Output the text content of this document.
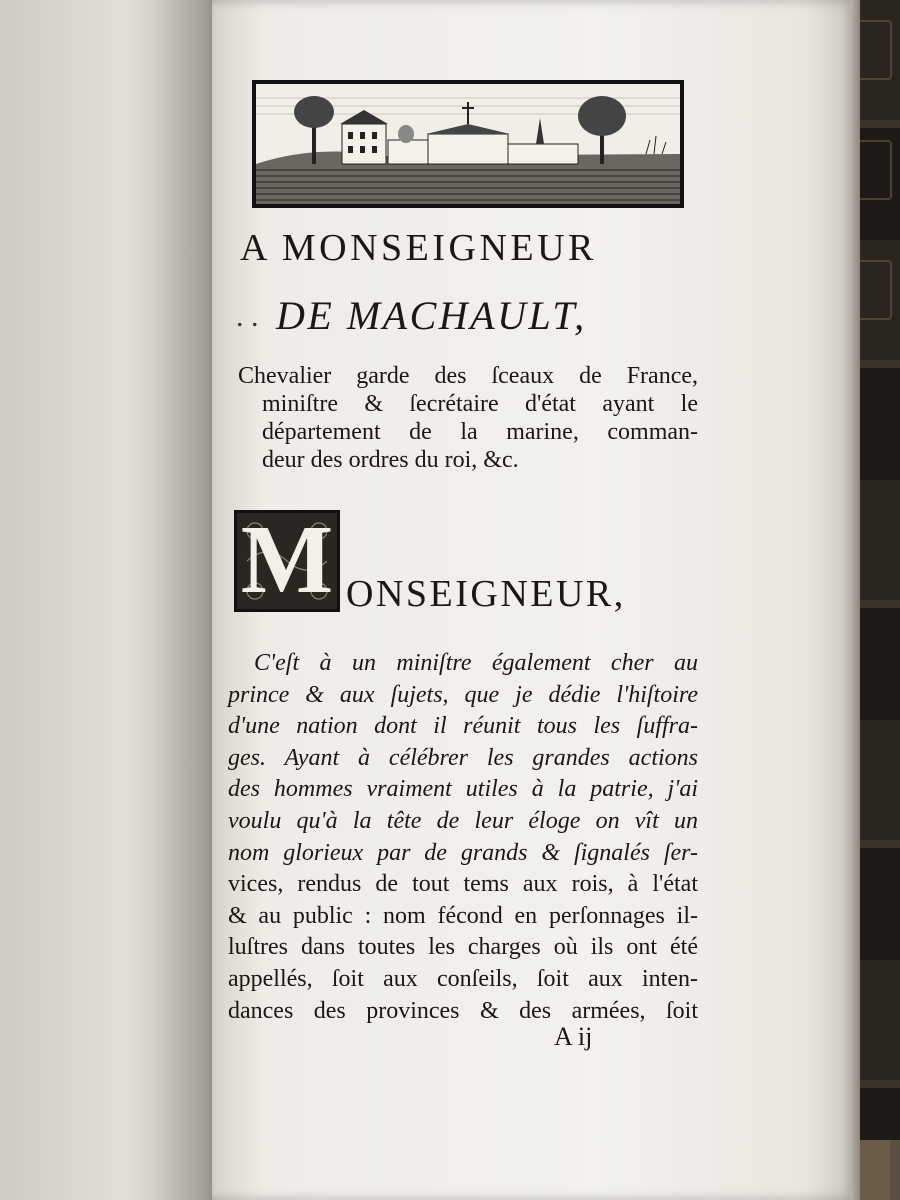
. .
A MONSEIGNEUR
DE MACHAULT,
Chevalier garde des ſceaux de France,
miniſtre & ſecrétaire d'état ayant le
département de la marine, comman-
deur des ordres du roi, &c.
M ONSEIGNEUR,
C'eſt à un miniſtre également cher au
prince & aux ſujets, que je dédie l'hiſtoire
d'une nation dont il réunit tous les ſuffra-
ges. Ayant à célébrer les grandes actions
des hommes vraiment utiles à la patrie, j'ai
voulu qu'à la tête de leur éloge on vît un
nom glorieux par de grands & ſignalés ſer-
vices, rendus de tout tems aux rois, à l'état
& au public : nom fécond en perſonnages il-
luſtres dans toutes les charges où ils ont été
appellés, ſoit aux conſeils, ſoit aux inten-
dances des provinces & des armées, ſoit
A ij
